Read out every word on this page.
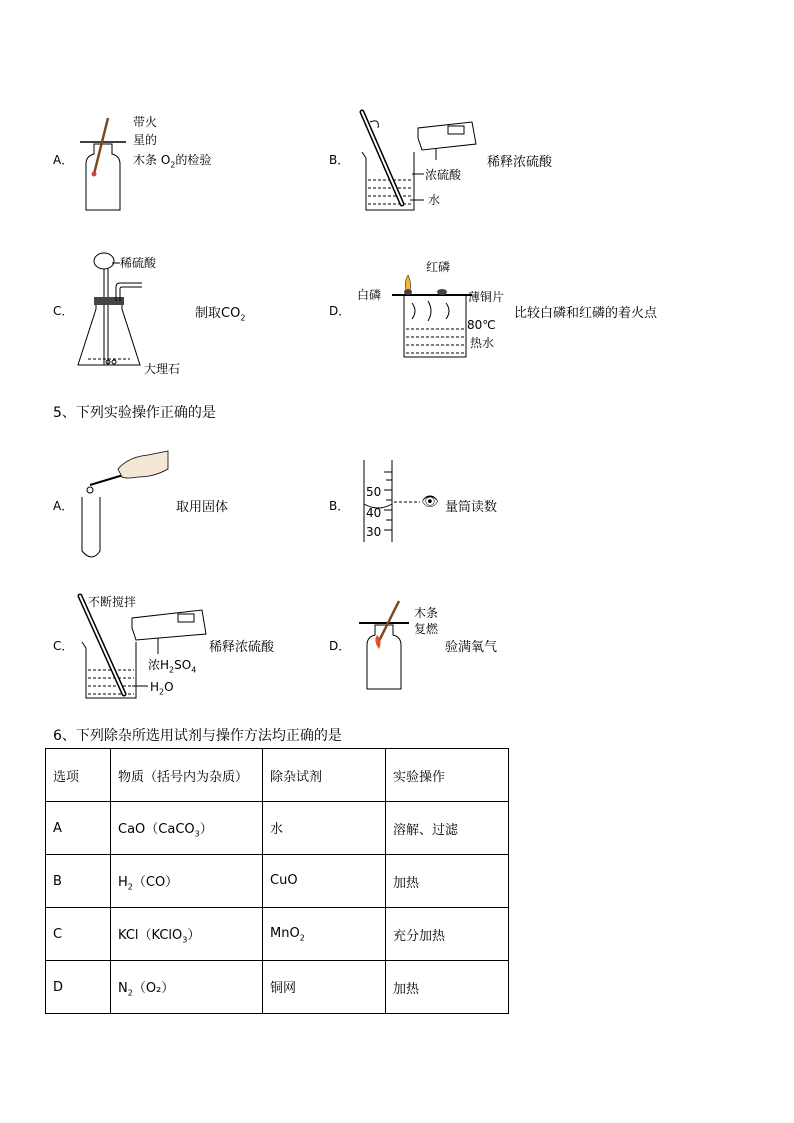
A．
带火
星的
木条 $O_2$的检验	B．	稀释浓硫酸
浓硫酸
水
C．
稀硫酸
大理石
制取$CO_2$
D．
红磷
白磷	薄铜片
80℃
热水
比较白磷和红磷的着火点
5、下列实验操作正确的是
A．	取用固体	B．
50
40
30
👁 量筒读数
C．
不断搅拌
稀释浓硫酸
浓$H_2SO_4$
$H_2O$
D．
木条
复燃
验满氧气
6、下列除杂所选用试剂与操作方法均正确的是
选项	物质（括号内为杂质）	除杂试剂	实验操作
A	CaO（CaCO$_3$）	水	溶解、过滤
B	$H_2(CO)$	CuO	加热
C	KCl（KClO$_3$）	MnO$_2$	充分加热
D	$N_2(O_2)$	铜网	加热
